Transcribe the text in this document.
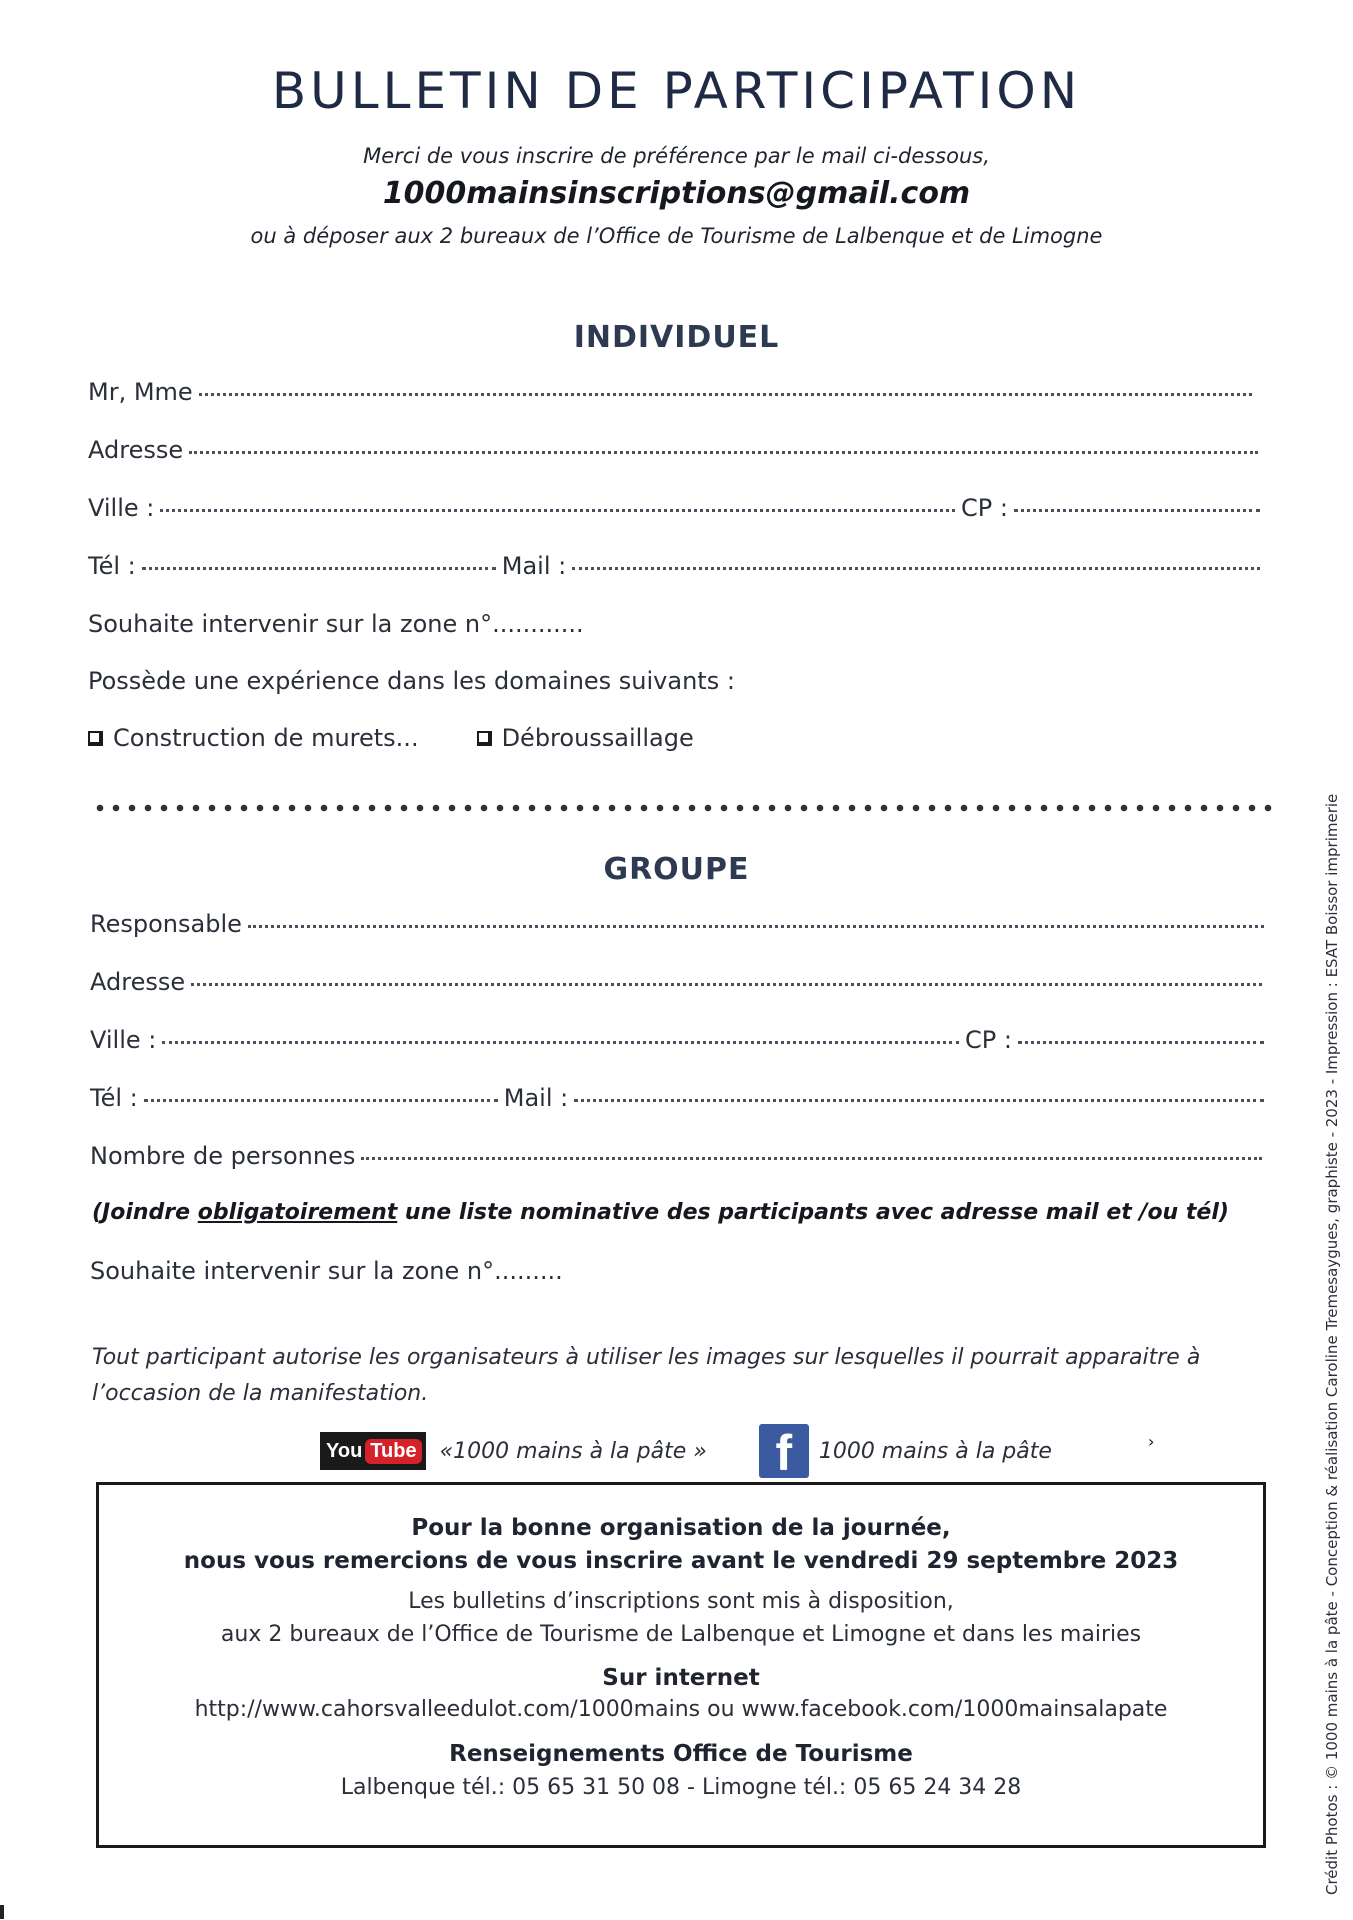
BULLETIN DE PARTICIPATION
Merci de vous inscrire de préférence par le mail ci-dessous,
1000mainsinscriptions@gmail.com
ou à déposer aux 2 bureaux de l’Office de Tourisme de Lalbenque et de Limogne
INDIVIDUEL
Mr, Mme
Adresse
Ville :	CP :
Tél :	Mail :
Souhaite intervenir sur la zone n°............
Possède une expérience dans les domaines suivants :
Construction de murets...	Débroussaillage
GROUPE
Responsable
Adresse
Ville :	CP :
Tél :	Mail :
Nombre de personnes
(Joindre obligatoirement une liste nominative des participants avec adresse mail et /ou tél)
Souhaite intervenir sur la zone n°.........
Tout participant autorise les organisateurs à utiliser les images sur lesquelles il pourrait apparaitre à l’occasion de la manifestation.
You Tube «1000 mains à la pâte » f 1000 mains à la pâte	›
Pour la bonne organisation de la journée,
nous vous remercions de vous inscrire avant le vendredi 29 septembre 2023
Les bulletins d’inscriptions sont mis à disposition,
aux 2 bureaux de l’Office de Tourisme de Lalbenque et Limogne et dans les mairies
Sur internet
http://www.cahorsvalleedulot.com/1000mains ou www.facebook.com/1000mainsalapate
Renseignements Office de Tourisme
Lalbenque tél.: 05 65 31 50 08 - Limogne tél.: 05 65 24 34 28	Crédit Photos : © 1000 mains à la pâte - Conception & réalisation Caroline Tremesaygues, graphiste - 2023 - Impression : ESAT Boissor imprimerie
